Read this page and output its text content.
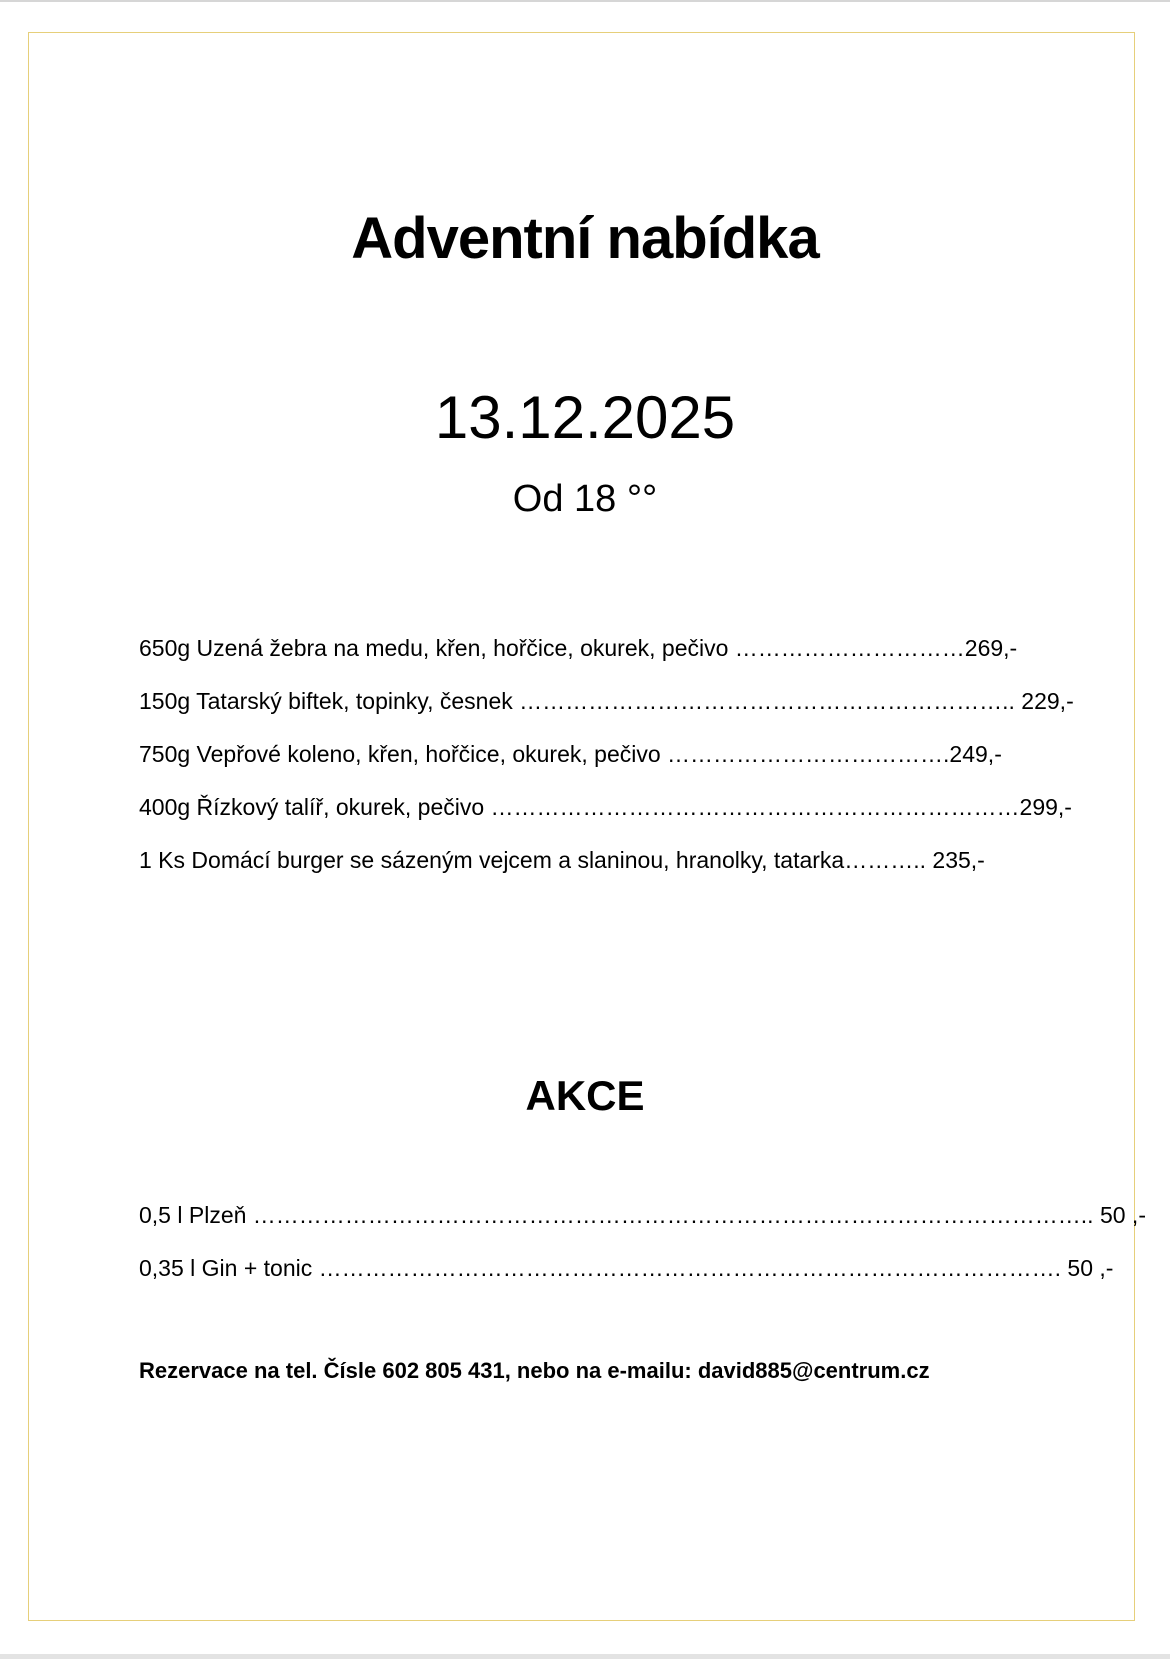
Adventní nabídka
13.12.2025
Od 18 °°
650g Uzená žebra na medu, křen, hořčice, okurek, pečivo …………………………269,-
150g Tatarský biftek, topinky, česnek ……………………………………………………….. 229,-
750g Vepřové koleno, křen, hořčice, okurek, pečivo ……………………………….249,-
400g Řízkový talíř, okurek, pečivo ……………………………………………………………299,-
1 Ks Domácí burger se sázeným vejcem a slaninou, hranolky, tatarka……….. 235,-
AKCE
0,5 l Plzeň ……………………………………………………………………………………………….. 50 ,-
0,35 l Gin + tonic ……………………………………………………………………………………. 50 ,-
Rezervace na tel. Čísle 602 805 431, nebo na e-mailu: david885@centrum.cz
